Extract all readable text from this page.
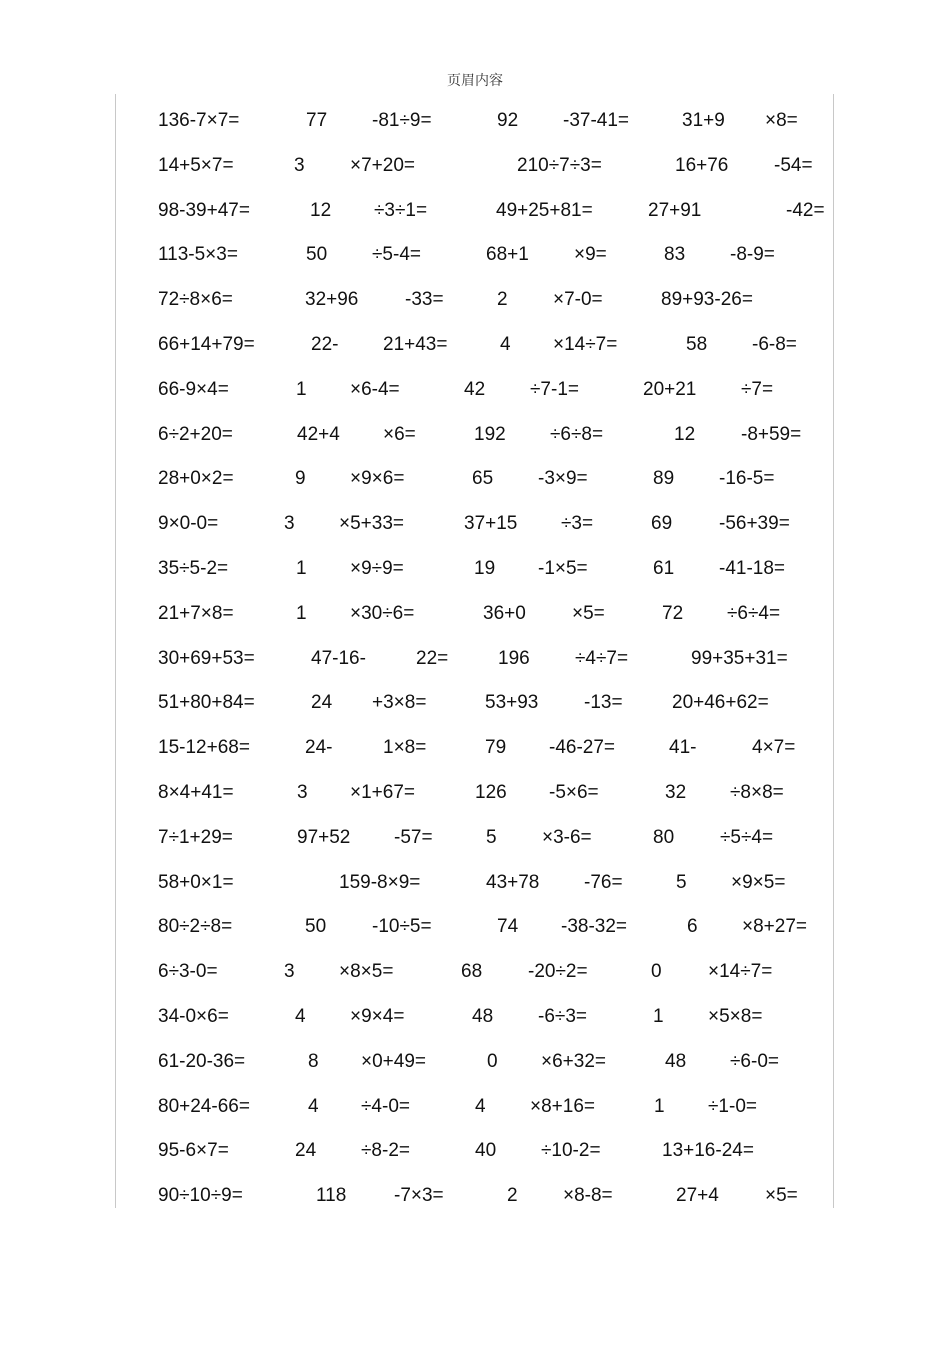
页眉内容
136-7×7=	77 -81÷9=	92 -37-41=	31+9 ×8=
14+5×7=	3 ×7+20=	210÷7÷3=	16+76 -54=
98-39+47=	12 ÷3÷1=	49+25+81=	27+91	-42=
113-5×3=	50 ÷5-4=	68+1 ×9=	83 -8-9=
72÷8×6=	32+96 -33=	2 ×7-0=	89+93-26=
66+14+79=	22- 21+43=	4 ×14÷7=	58 -6-8=
66-9×4=	1 ×6-4=	42 ÷7-1=	20+21 ÷7=
6÷2+20=	42+4 ×6=	192 ÷6÷8=	12 -8+59=
28+0×2=	9 ×9×6=	65 -3×9=	89 -16-5=
9×0-0=	3 ×5+33=	37+15 ÷3=	69 -56+39=
35÷5-2=	1 ×9÷9=	19 -1×5=	61 -41-18=
21+7×8=	1 ×30÷6=	36+0 ×5=	72 ÷6÷4=
30+69+53=	47-16-	22=	196 ÷4÷7=	99+35+31=
51+80+84=	24 +3×8=	53+93 -13=	20+46+62=
15-12+68=	24-	1×8=	79 -46-27=	41-	4×7=
8×4+41=	3 ×1+67=	126 -5×6=	32 ÷8×8=
7÷1+29=	97+52 -57=	5 ×3-6=	80 ÷5÷4=
58+0×1=	159-8×9=	43+78 -76=	5 ×9×5=
80÷2÷8=	50 -10÷5=	74 -38-32=	6 ×8+27=
6÷3-0=	3 ×8×5=	68 -20÷2=	0 ×14÷7=
34-0×6=	4 ×9×4=	48 -6÷3=	1 ×5×8=
61-20-36=	8 ×0+49=	0 ×6+32=	48 ÷6-0=
80+24-66=	4 ÷4-0=	4 ×8+16=	1 ÷1-0=
95-6×7=	24 ÷8-2=	40 ÷10-2=	13+16-24=
90÷10÷9=	118	-7×3=	2 ×8-8=	27+4 ×5=
